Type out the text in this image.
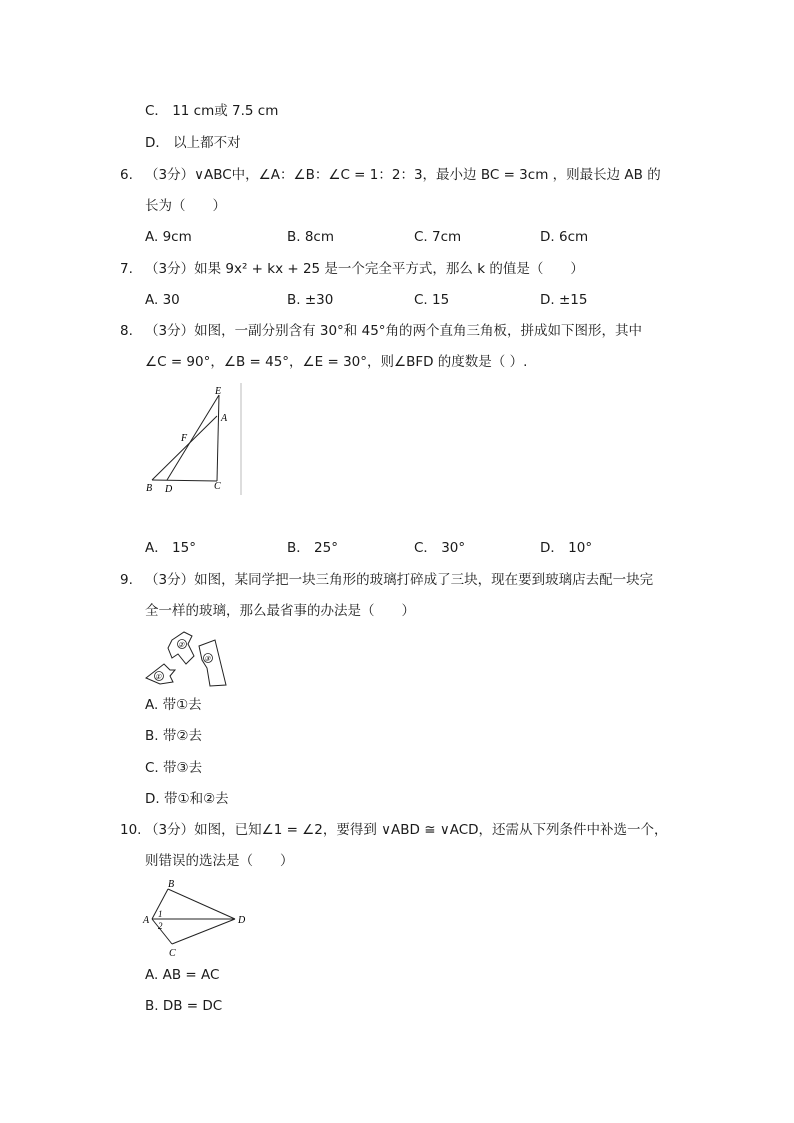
C． 11 cm或 7.5 cm
D． 以上都不对
6. （3分）∨ABC中，∠A：∠B：∠C = 1：2：3，最小边 BC = 3cm ，则最长边 AB 的
长为（　　）
A. 9cm	B. 8cm	C. 7cm	D. 6cm
7. （3分）如果 9x² + kx + 25 是一个完全平方式，那么 k 的值是（　　）
A. 30	B. ±30	C. 15	D. ±15
8. （3分）如图，一副分别含有 30°和 45°角的两个直角三角板，拼成如下图形，其中
∠C = 90°，∠B = 45°，∠E = 30°，则∠BFD 的度数是（ ）.
E
A
F
B D	C
A． 15°	B． 25°	C． 30°	D． 10°
9. （3分）如图，某同学把一块三角形的玻璃打碎成了三块，现在要到玻璃店去配一块完
全一样的玻璃，那么最省事的办法是（　　）
①
②
③
A. 带①去
B. 带②去
C. 带③去
D. 带①和②去
10. （3分）如图，已知∠1 = ∠2，要得到 ∨ABD ≅ ∨ACD，还需从下列条件中补选一个，
则错误的选法是（　　）
B
A	D
C
1
2
A. AB = AC
B. DB = DC
